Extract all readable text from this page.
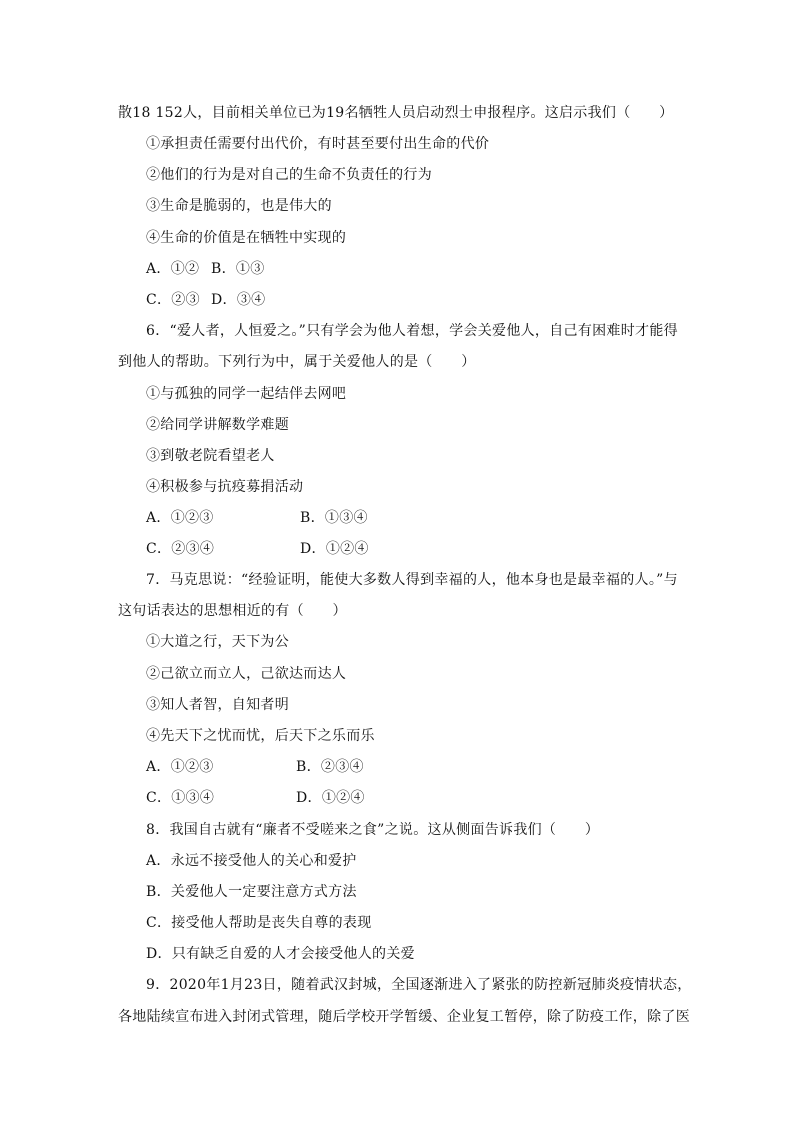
散18 152人，目前相关单位已为19名牺牲人员启动烈士申报程序。这启示我们（　　）
①承担责任需要付出代价，有时甚至要付出生命的代价
②他们的行为是对自己的生命不负责任的行为
③生命是脆弱的，也是伟大的
④生命的价值是在牺牲中实现的
A．①② B．①③
C．②③ D．③④
6．“爱人者，人恒爱之。”只有学会为他人着想，学会关爱他人，自己有困难时才能得
到他人的帮助。下列行为中，属于关爱他人的是（　　）
①与孤独的同学一起结伴去网吧
②给同学讲解数学难题
③到敬老院看望老人
④积极参与抗疫募捐活动
A．①②③	B．①③④
C．②③④	D．①②④
7．马克思说：“经验证明，能使大多数人得到幸福的人，他本身也是最幸福的人。”与
这句话表达的思想相近的有（　　）
①大道之行，天下为公
②己欲立而立人，己欲达而达人
③知人者智，自知者明
④先天下之忧而忧，后天下之乐而乐
A．①②③	B．②③④
C．①③④	D．①②④
8．我国自古就有“廉者不受嗟来之食”之说。这从侧面告诉我们（　　）
A．永远不接受他人的关心和爱护
B．关爱他人一定要注意方式方法
C．接受他人帮助是丧失自尊的表现
D．只有缺乏自爱的人才会接受他人的关爱
9．2020年1月23日，随着武汉封城，全国逐渐进入了紧张的防控新冠肺炎疫情状态，
各地陆续宣布进入封闭式管理，随后学校开学暂缓、企业复工暂停，除了防疫工作，除了医
